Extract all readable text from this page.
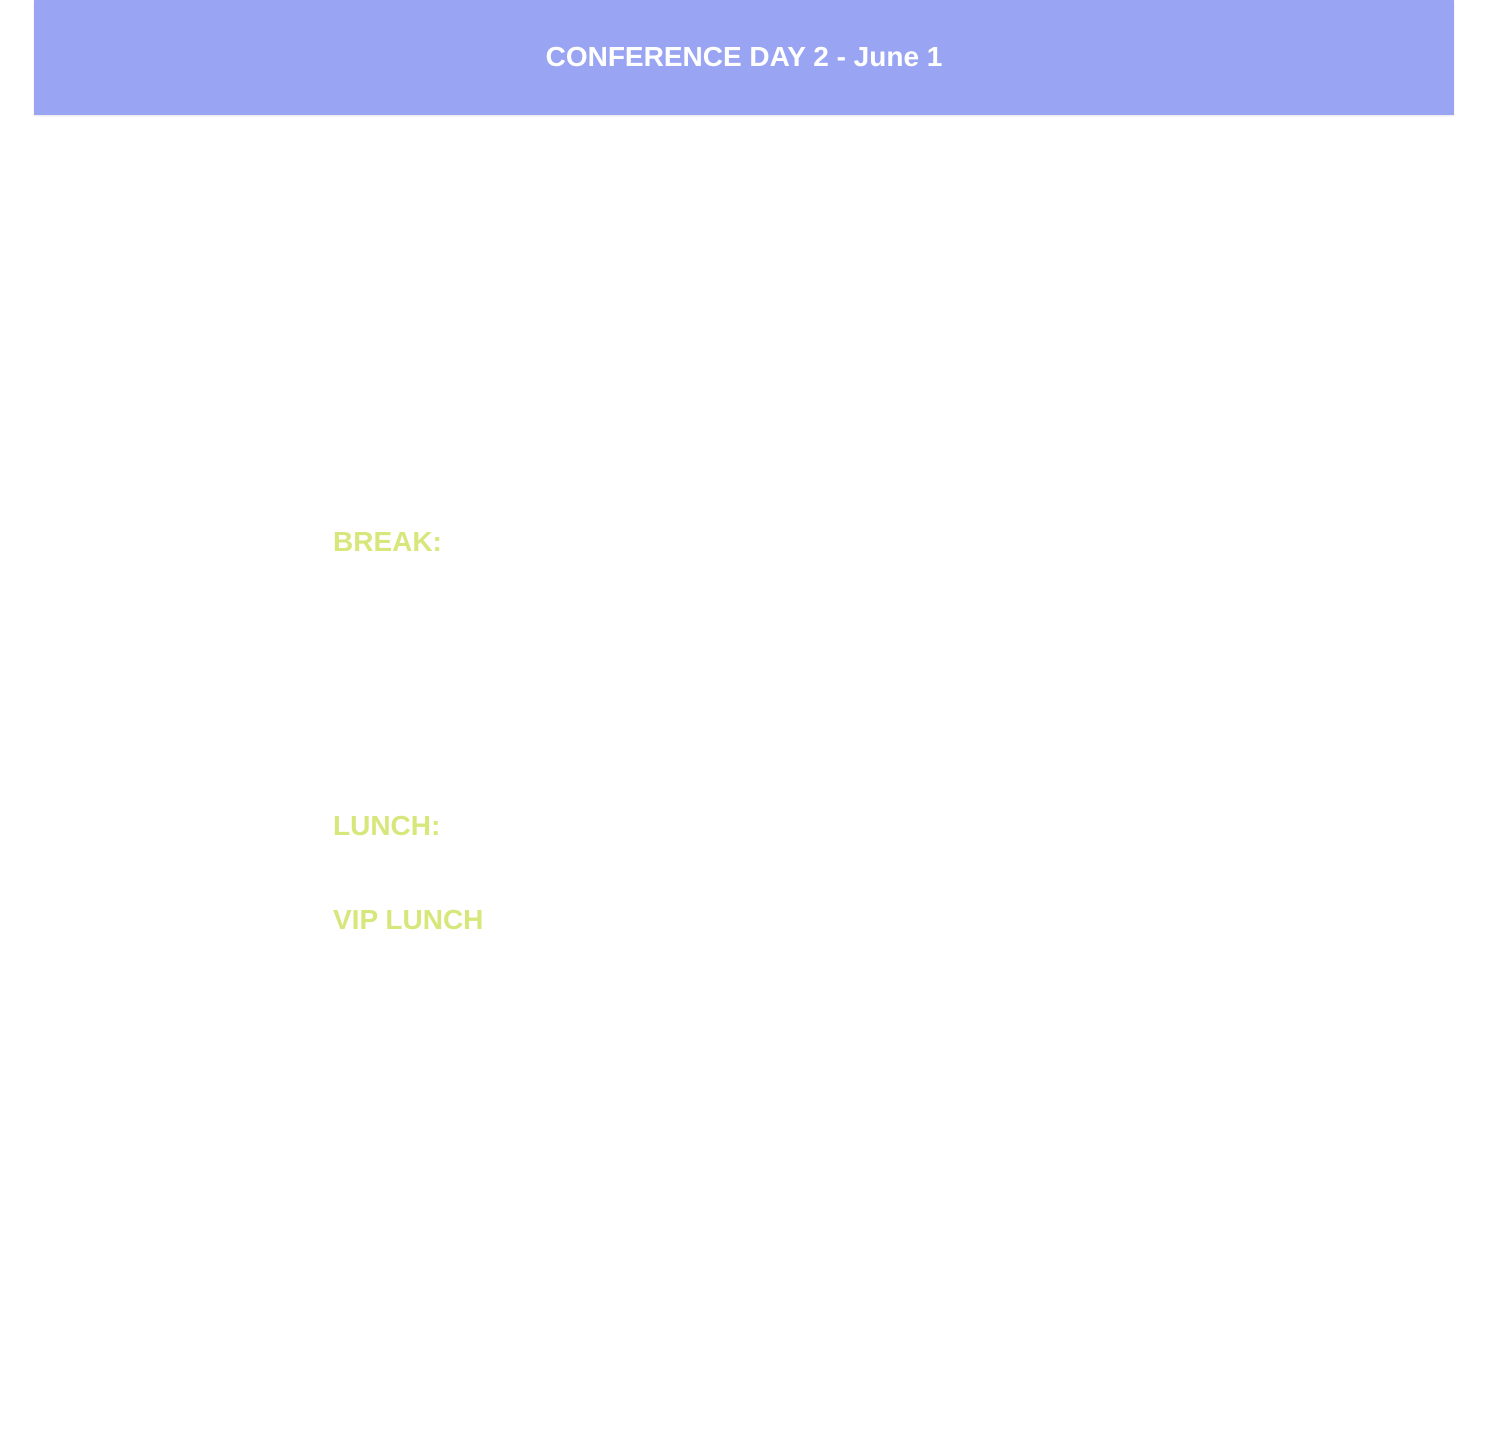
CONFERENCE DAY 2 - June 1
BREAK:
LUNCH:
VIP LUNCH
